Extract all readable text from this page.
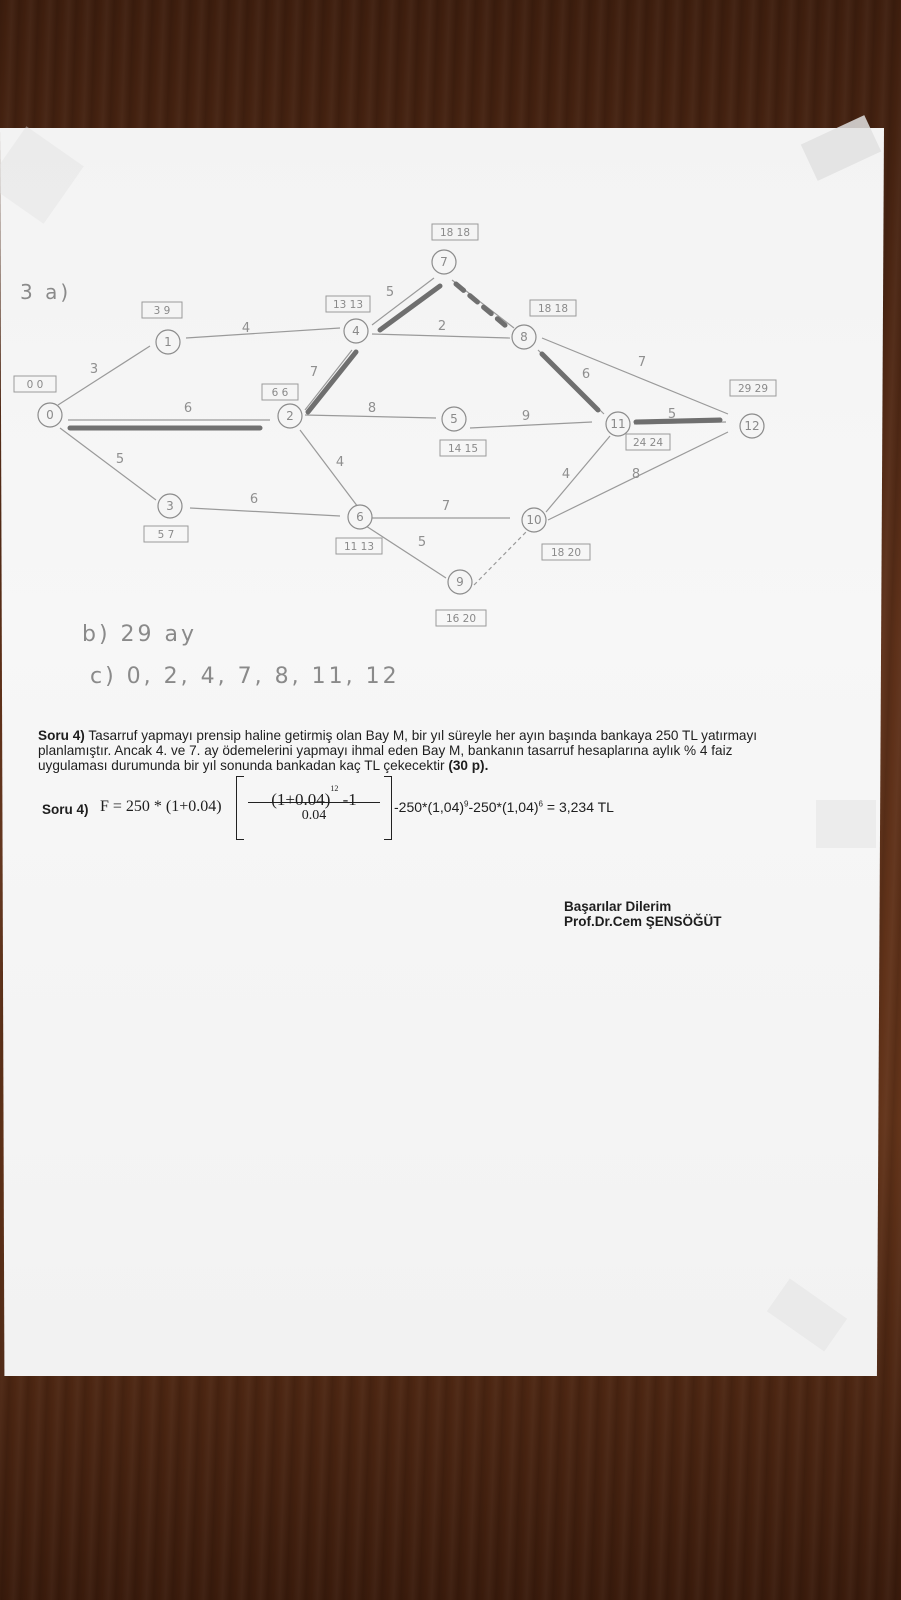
0
1
2
3
4
5
6
7
8
9
10
11	12
0 0
3 9
6 6
5 7
13 13
14 15
11 13
18 18
18 18
16 20
18 20
24 24
29 29
3
6
5
4
7
8
4
6
5
2
8
7
5
9
7
6
4
5
3 a)
b) 29 ay
c) 0, 2, 4, 7, 8, 11, 12
Soru 4) Tasarruf yapmayı prensip haline getirmiş olan Bay M, bir yıl süreyle her ayın başında bankaya 250 TL yatırmayı planlamıştır. Ancak 4. ve 7. ay ödemelerini yapmayı ihmal eden Bay M, bankanın tasarruf hesaplarına aylık % 4 faiz uygulaması durumunda bir yıl sonunda bankadan kaç TL çekecektir (30 p).
Soru 4) F = 250 * (1+0.04)	$(1+0.04)^{12}$ -1
0.04
$-250*(1,04)^9-250*(1,04)^6 = 3,234$ TL
Başarılar Dilerim
Prof.Dr.Cem ŞENSÖĞÜT
